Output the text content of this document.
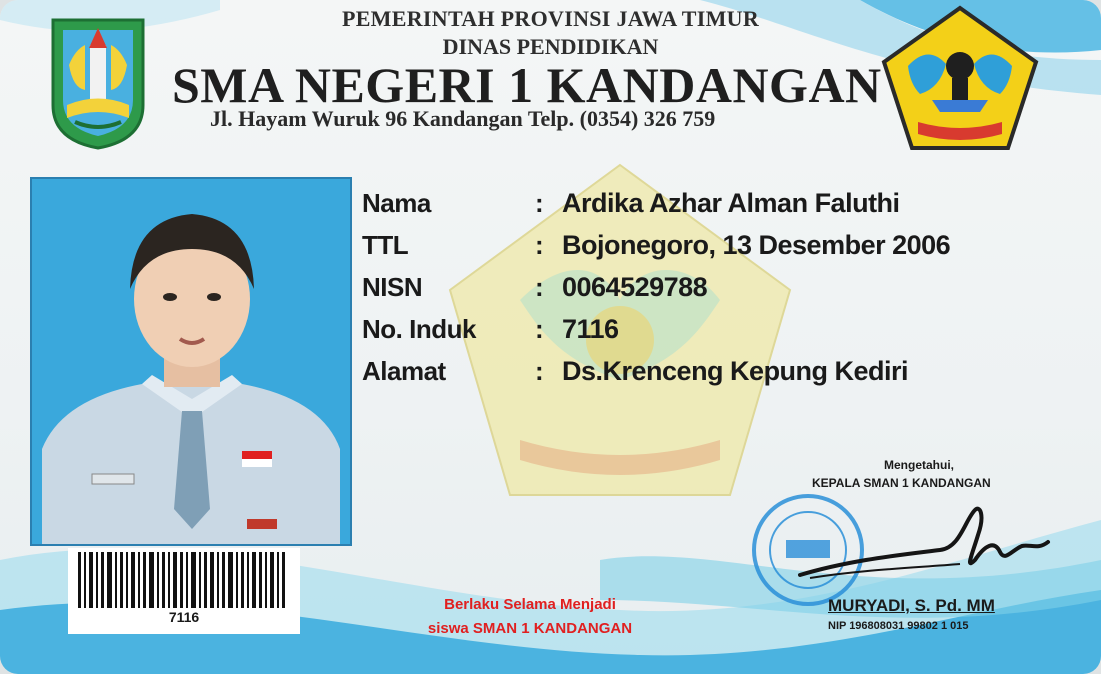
PEMERINTAH PROVINSI JAWA TIMUR
DINAS PENDIDIKAN
SMA NEGERI 1 KANDANGAN
Jl. Hayam Wuruk 96 Kandangan Telp. (0354) 326 759
Nama	: Ardika Azhar Alman Faluthi
TTL	: Bojonegoro, 13 Desember 2006
NISN	: 0064529788
No. Induk : 7116
Alamat	: Ds.Krenceng Kepung Kediri
7116
Berlaku Selama Menjadi
siswa SMAN 1 KANDANGAN
Mengetahui,
KEPALA SMAN 1 KANDANGAN
MURYADI, S. Pd. MM
NIP 196808031 99802 1 015
